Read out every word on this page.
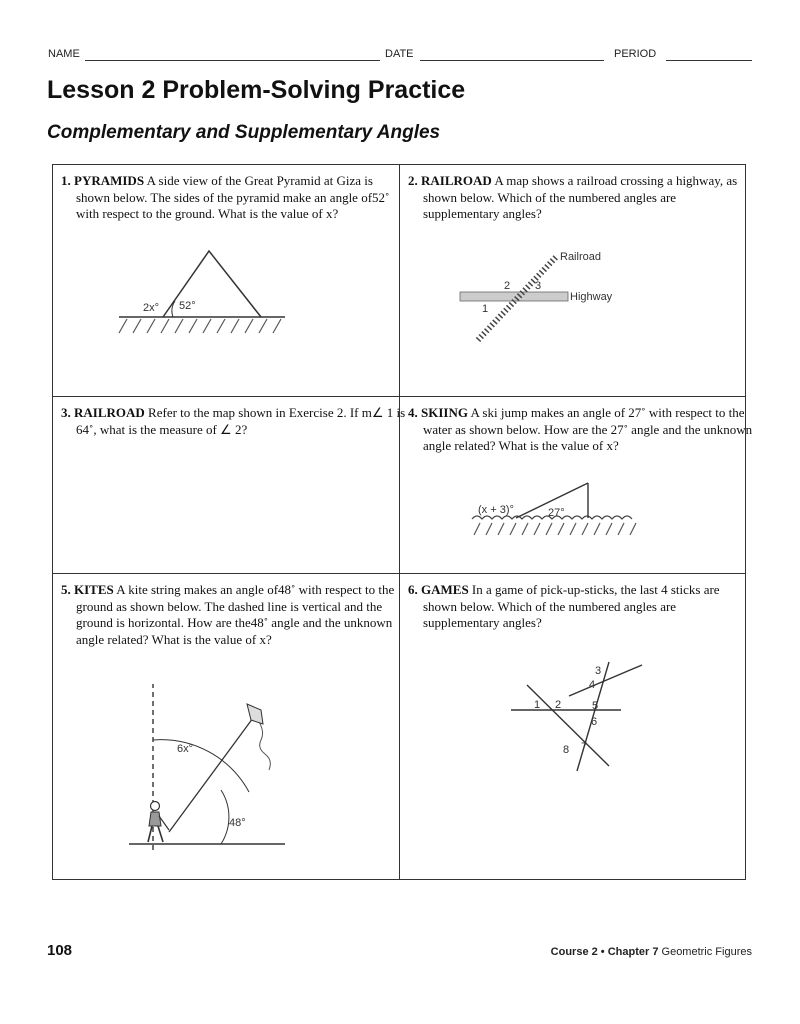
NAME	DATE	PERIOD
Lesson 2 Problem-Solving Practice
Complementary and Supplementary Angles
1. PYRAMIDS A side view of the Great Pyramid at Giza is shown below. The sides of the pyramid make an angle of52˚ with respect to the ground. What is the value of x?
2x° 52°
2. RAILROAD A map shows a railroad crossing a highway, as shown below. Which of the numbered angles are supplementary angles?
Highway
Railroad
1
2 3
3. RAILROAD Refer to the map shown in Exercise 2. If m∠ 1 is 64˚, what is the measure of ∠ 2?
4. SKIING A ski jump makes an angle of 27˚ with respect to the water as shown below. How are the 27˚ angle and the unknown angle related? What is the value of x?
(x + 3)°	27°
5. KITES A kite string makes an angle of48˚ with respect to the ground as shown below. The dashed line is vertical and the ground is horizontal. How are the48˚ angle and the unknown angle related? What is the value of x?
6x°
48°
6. GAMES In a game of pick-up-sticks, the last 4 sticks are shown below. Which of the numbered angles are supplementary angles?
1 2
3
4
5
6
8 7
108	Course 2 • Chapter 7 Geometric Figures
